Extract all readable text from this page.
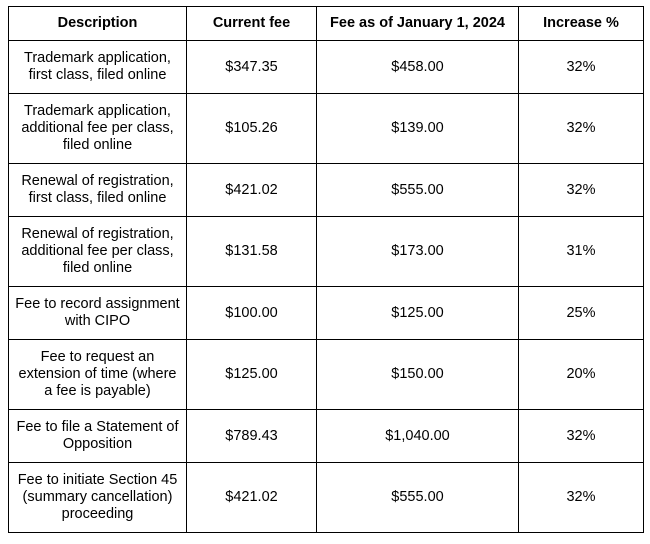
Description	Current fee	Fee as of January 1, 2024	Increase %
Trademark application,
first class, filed online	$347.35	$458.00	32%
Trademark application,
additional fee per class,
filed online	$105.26	$139.00	32%
Renewal of registration,
first class, filed online	$421.02	$555.00	32%
Renewal of registration,
additional fee per class,
filed online	$131.58	$173.00	31%
Fee to record assignment
with CIPO	$100.00	$125.00	25%
Fee to request an
extension of time (where
a fee is payable)	$125.00	$150.00	20%
Fee to file a Statement of
Opposition	$789.43	$1,040.00	32%
Fee to initiate Section 45
(summary cancellation)
proceeding	$421.02	$555.00	32%
